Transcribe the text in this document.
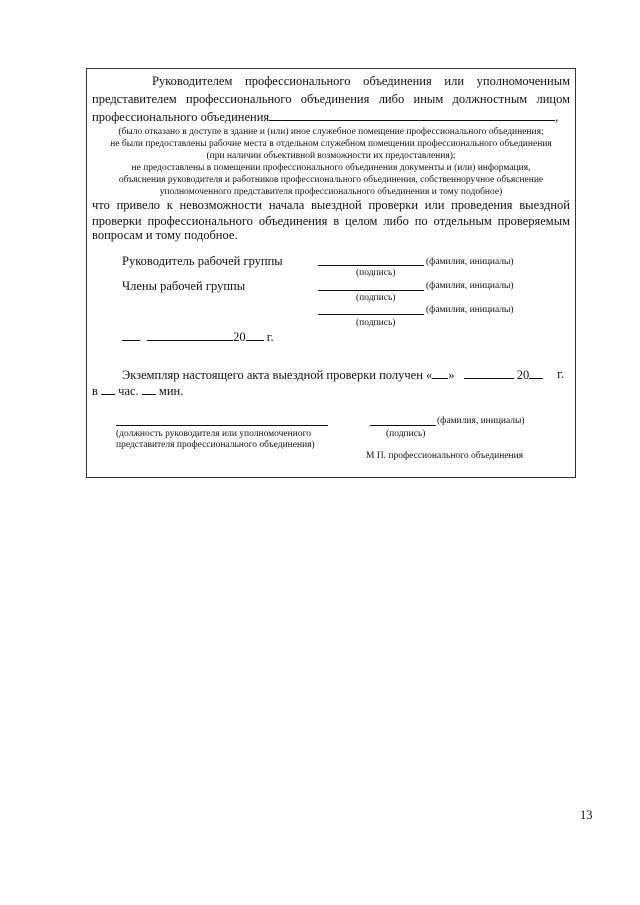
Руководителем профессионального объединения или уполномоченным
представителем профессионального объединения либо иным должностным лицом
профессионального объединения	,
(было отказано в доступе в здание и (или) иное служебное помещение профессионального объединения;
не были предоставлены рабочие места в отдельном служебном помещении профессионального объединения
(при наличии объективной возможности их предоставления);
не предоставлены в помещении профессионального объединения документы и (или) информация,
объяснения руководителя и работников профессионального объединения, собственноручное объяснение
уполномоченного представителя профессионального объединения и тому подобное)
что привело к невозможности начала выездной проверки или проведения выездной
проверки профессионального объединения в целом либо по отдельным проверяемым
вопросам и тому подобное.
Руководитель рабочей группы	(фамилия, инициалы)
(подпись)
Члены рабочей группы	(фамилия, инициалы)
(подпись)
(фамилия, инициалы)
(подпись)
20 г.
Экземпляр настоящего акта выездной проверки получен « »	20 г.
в час. мин.
(должность руководителя или уполномоченного
представителя профессионального объединения)
(фамилия, инициалы)
(подпись)
М П. профессионального объединения
13
